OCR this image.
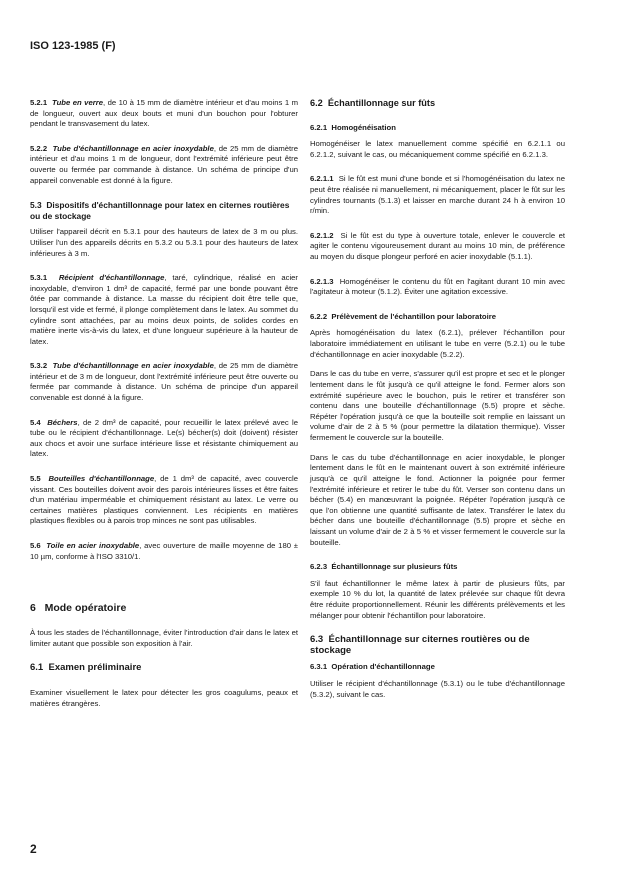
ISO 123-1985 (F)

5.2.1 Tube en verre, de 10 à 15 mm de diamètre intérieur et d'au moins 1 m de longueur, ouvert aux deux bouts et muni d'un bouchon pour l'obturer pendant le transvasement du latex.

5.2.2 Tube d'échantillonnage en acier inoxydable, de 25 mm de diamètre intérieur et d'au moins 1 m de longueur, dont l'extrémité inférieure peut être ouverte ou fermée par commande à distance. Un schéma de principe d'un appareil convenable est donné à la figure.

5.3 Dispositifs d'échantillonnage pour latex en citernes routières ou de stockage

Utiliser l'appareil décrit en 5.3.1 pour des hauteurs de latex de 3 m ou plus. Utiliser l'un des appareils décrits en 5.3.2 ou 5.3.1 pour des hauteurs de latex inférieures à 3 m.

5.3.1 Récipient d'échantillonnage, taré, cylindrique, réalisé en acier inoxydable, d'environ 1 dm³ de capacité, fermé par une bonde pouvant être ôtée par commande à distance. La masse du récipient doit être telle que, lorsqu'il est vide et fermé, il plonge complètement dans le latex. Au sommet du cylindre sont attachées, par au moins deux points, de solides cordes en matière inerte vis-à-vis du latex, et d'une longueur supérieure à la hauteur de latex.

5.3.2 Tube d'échantillonnage en acier inoxydable, de 25 mm de diamètre intérieur et de 3 m de longueur, dont l'extrémité inférieure peut être ouverte ou fermée par commande à distance. Un schéma de principe d'un appareil convenable est donné à la figure.

5.4 Béchers, de 2 dm³ de capacité, pour recueillir le latex prélevé avec le tube ou le récipient d'échantillonnage. Le(s) bécher(s) doit (doivent) résister aux chocs et avoir une surface intérieure lisse et résistante chimiquement au latex.

5.5 Bouteilles d'échantillonnage, de 1 dm³ de capacité, avec couvercle vissant. Ces bouteilles doivent avoir des parois intérieures lisses et être faites d'un matériau imperméable et chimiquement résistant au latex. Le verre ou certaines matières plastiques conviennent. Les récipients en matières plastiques flexibles ou à parois trop minces ne sont pas utilisables.

5.6 Toile en acier inoxydable, avec ouverture de maille moyenne de 180 ± 10 µm, conforme à l'ISO 3310/1.

6 Mode opératoire

À tous les stades de l'échantillonnage, éviter l'introduction d'air dans le latex et limiter autant que possible son exposition à l'air.

6.1 Examen préliminaire

Examiner visuellement le latex pour détecter les gros coagulums, peaux et matières étrangères.

6.2 Échantillonnage sur fûts
6.2.1 Homogénéisation

Homogénéiser le latex manuellement comme spécifié en 6.2.1.1 ou 6.2.1.2, suivant le cas, ou mécaniquement comme spécifié en 6.2.1.3.

6.2.1.1 Si le fût est muni d'une bonde et si l'homogénéisation du latex ne peut être réalisée ni manuellement, ni mécaniquement, placer le fût sur les cylindres tournants (5.1.3) et laisser en marche durant 24 h à environ 10 r/min.

6.2.1.2 Si le fût est du type à ouverture totale, enlever le couvercle et agiter le contenu vigoureusement durant au moins 10 min, de préférence au moyen du disque plongeur perforé en acier inoxydable (5.1.1).

6.2.1.3 Homogénéiser le contenu du fût en l'agitant durant 10 min avec l'agitateur à moteur (5.1.2). Éviter une agitation excessive.

6.2.2 Prélèvement de l'échantillon pour laboratoire

Après homogénéisation du latex (6.2.1), prélever l'échantillon pour laboratoire immédiatement en utilisant le tube en verre (5.2.1) ou le tube d'échantillonnage en acier inoxydable (5.2.2).

Dans le cas du tube en verre, s'assurer qu'il est propre et sec et le plonger lentement dans le fût jusqu'à ce qu'il atteigne le fond. Fermer alors son extrémité supérieure avec le bouchon, puis le retirer et transférer son contenu dans une bouteille d'échantillonnage (5.5) propre et sèche. Répéter l'opération jusqu'à ce que la bouteille soit remplie en laissant un volume d'air de 2 à 5 % (pour permettre la dilatation thermique). Visser fermement le couvercle sur la bouteille.

Dans le cas du tube d'échantillonnage en acier inoxydable, le plonger lentement dans le fût en le maintenant ouvert à son extrémité inférieure jusqu'à ce qu'il atteigne le fond. Actionner la poignée pour fermer l'extrémité inférieure et retirer le tube du fût. Verser son contenu dans un bécher (5.4) en manœuvrant la poignée. Répéter l'opération jusqu'à ce que l'on obtienne une quantité suffisante de latex. Transférer le latex du bécher dans une bouteille d'échantillonnage (5.5) propre et sèche en laissant un volume d'air de 2 à 5 % et visser fermement le couvercle sur la bouteille.

6.2.3 Échantillonnage sur plusieurs fûts

S'il faut échantillonner le même latex à partir de plusieurs fûts, par exemple 10 % du lot, la quantité de latex prélevée sur chaque fût devra être réduite proportionnellement. Réunir les différents prélèvements et les mélanger pour obtenir l'échantillon pour laboratoire.

6.3 Échantillonnage sur citernes routières ou de stockage
6.3.1 Opération d'échantillonnage

Utiliser le récipient d'échantillonnage (5.3.1) ou le tube d'échantillonnage (5.3.2), suivant le cas.

2
